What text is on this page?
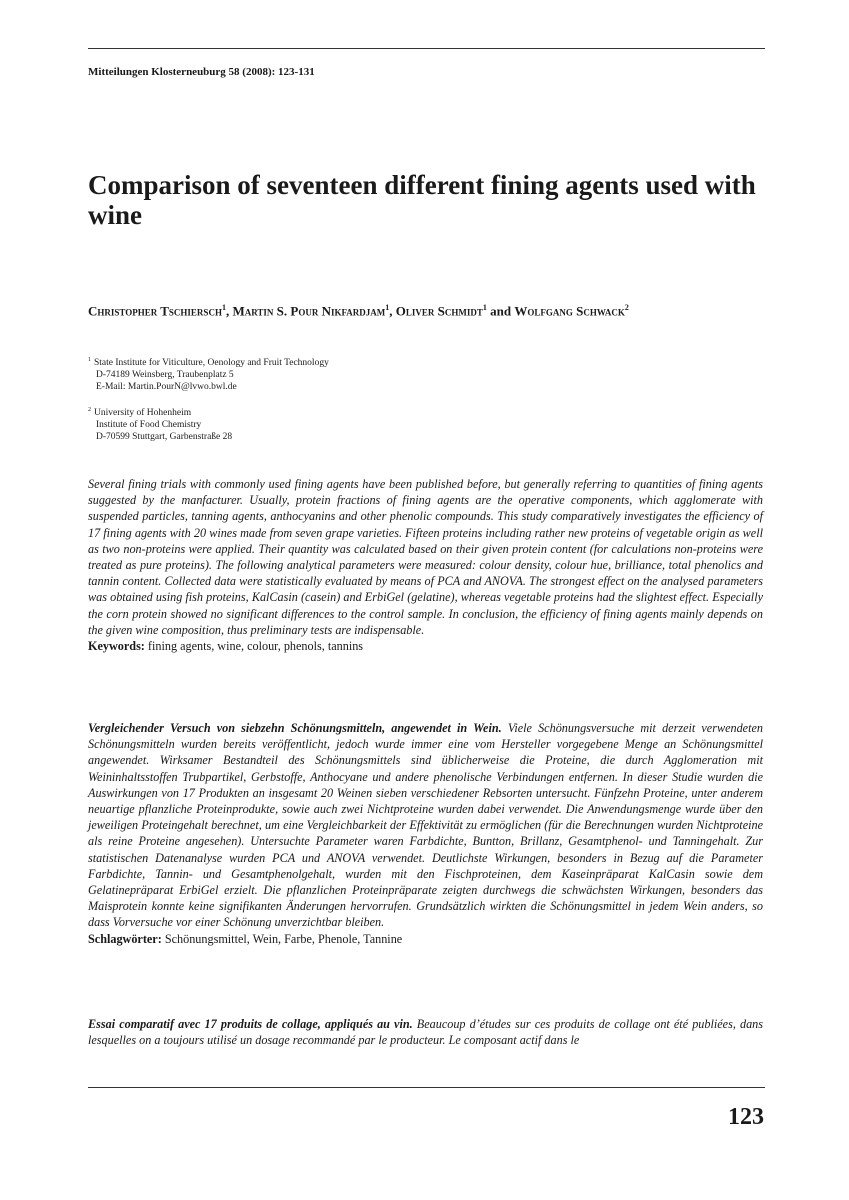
Mitteilungen Klosterneuburg 58 (2008): 123-131
Comparison of seventeen different fining agents used with wine
Christopher Tschiersch$^1$, Martin S. Pour Nikfardjam$^1$, Oliver Schmidt$^1$ and Wolfgang Schwack$^2$
$^1$ State Institute for Viticulture, Oenology and Fruit Technology
D-74189 Weinsberg, Traubenplatz 5
E-Mail: Martin.PourN@lvwo.bwl.de
$^2$ University of Hohenheim
Institute of Food Chemistry
D-70599 Stuttgart, Garbenstraße 28
Several fining trials with commonly used fining agents have been published before, but generally referring to quantities of fining agents suggested by the manfacturer. Usually, protein fractions of fining agents are the operative components, which agglomerate with suspended particles, tanning agents, anthocyanins and other phenolic compounds. This study comparatively investigates the efficiency of 17 fining agents with 20 wines made from seven grape varieties. Fifteen proteins including rather new proteins of vegetable origin as well as two non-proteins were applied. Their quantity was calculated based on their given protein content (for calculations non-proteins were treated as pure proteins). The following analytical parameters were measured: colour density, colour hue, brilliance, total phenolics and tannin content. Collected data were statistically evaluated by means of PCA and ANOVA. The strongest effect on the analysed parameters was obtained using fish proteins, KalCasin (casein) and ErbiGel (gelatine), whereas vegetable proteins had the slightest effect. Especially the corn protein showed no significant differences to the control sample. In conclusion, the efficiency of fining agents mainly depends on the given wine composition, thus preliminary tests are indispensable.
Keywords: fining agents, wine, colour, phenols, tannins
Vergleichender Versuch von siebzehn Schönungsmitteln, angewendet in Wein. Viele Schönungsversuche mit derzeit verwendeten Schönungsmitteln wurden bereits veröffentlicht, jedoch wurde immer eine vom Hersteller vorgegebene Menge an Schönungsmittel angewendet. Wirksamer Bestandteil des Schönungsmittels sind üblicherweise die Proteine, die durch Agglomeration mit Weininhaltsstoffen Trubpartikel, Gerbstoffe, Anthocyane und andere phenolische Verbindungen entfernen. In dieser Studie wurden die Auswirkungen von 17 Produkten an insgesamt 20 Weinen sieben verschiedener Rebsorten untersucht. Fünfzehn Proteine, unter anderem neuartige pflanzliche Proteinprodukte, sowie auch zwei Nichtproteine wurden dabei verwendet. Die Anwendungsmenge wurde über den jeweiligen Proteingehalt berechnet, um eine Vergleichbarkeit der Effektivität zu ermöglichen (für die Berechnungen wurden Nichtproteine als reine Proteine angesehen). Untersuchte Parameter waren Farbdichte, Buntton, Brillanz, Gesamtphenol- und Tanningehalt. Zur statistischen Datenanalyse wurden PCA und ANOVA verwendet. Deutlichste Wirkungen, besonders in Bezug auf die Parameter Farbdichte, Tannin- und Gesamtphenolgehalt, wurden mit den Fischproteinen, dem Kaseinpräparat KalCasin sowie dem Gelatinepräparat ErbiGel erzielt. Die pflanzlichen Proteinpräparate zeigten durchwegs die schwächsten Wirkungen, besonders das Maisprotein konnte keine signifikanten Änderungen hervorrufen. Grundsätzlich wirkten die Schönungsmittel in jedem Wein anders, so dass Vorversuche vor einer Schönung unverzichtbar bleiben.
Schlagwörter: Schönungsmittel, Wein, Farbe, Phenole, Tannine
Essai comparatif avec 17 produits de collage, appliqués au vin. Beaucoup d’études sur ces produits de collage ont été publiées, dans lesquelles on a toujours utilisé un dosage recommandé par le producteur. Le composant actif dans le
123
